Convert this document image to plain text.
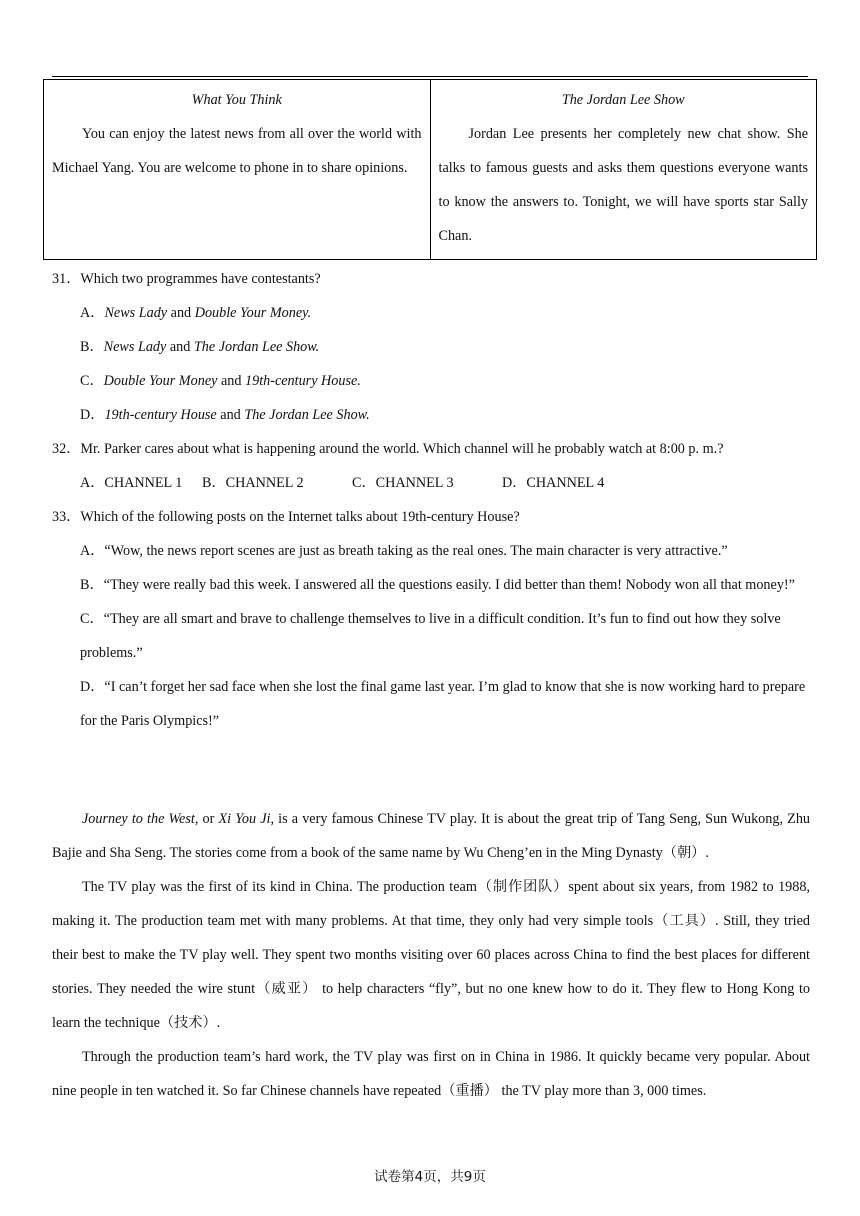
What You Think
You can enjoy the latest news from all over the world with Michael Yang. You are welcome to phone in to share opinions.

The Jordan Lee Show
Jordan Lee presents her completely new chat show. She talks to famous guests and asks them questions everyone wants to know the answers to. Tonight, we will have sports star Sally Chan.

31．Which two programmes have contestants?

A．News Lady and Double Your Money.

B．News Lady and The Jordan Lee Show.

C．Double Your Money and 19th-century House.

D．19th-century House and The Jordan Lee Show.

32．Mr. Parker cares about what is happening around the world. Which channel will he probably watch at 8:00 p. m.?

A．CHANNEL 1	B．CHANNEL 2	C．CHANNEL 3	D．CHANNEL 4

33．Which of the following posts on the Internet talks about 19th-century House?

A．“Wow, the news report scenes are just as breath taking as the real ones. The main character is very attractive.”

B．“They were really bad this week. I answered all the questions easily. I did better than them! Nobody won all that money!”

C．“They are all smart and brave to challenge themselves to live in a difficult condition. It’s fun to find out how they solve problems.”

D．“I can’t forget her sad face when she lost the final game last year. I’m glad to know that she is now working hard to prepare for the Paris Olympics!”

Journey to the West, or Xi You Ji, is a very famous Chinese TV play. It is about the great trip of Tang Seng, Sun Wukong, Zhu Bajie and Sha Seng. The stories come from a book of the same name by Wu Cheng’en in the Ming Dynasty（朝）.

The TV play was the first of its kind in China. The production team（制作团队）spent about six years, from 1982 to 1988, making it. The production team met with many problems. At that time, they only had very simple tools（工具）. Still, they tried their best to make the TV play well. They spent two months visiting over 60 places across China to find the best places for different stories. They needed the wire stunt（威亚） to help characters “fly”, but no one knew how to do it. They flew to Hong Kong to learn the technique（技术）.

Through the production team’s hard work, the TV play was first on in China in 1986. It quickly became very popular. About nine people in ten watched it. So far Chinese channels have repeated（重播） the TV play more than 3, 000 times.

试卷第4页，共9页
